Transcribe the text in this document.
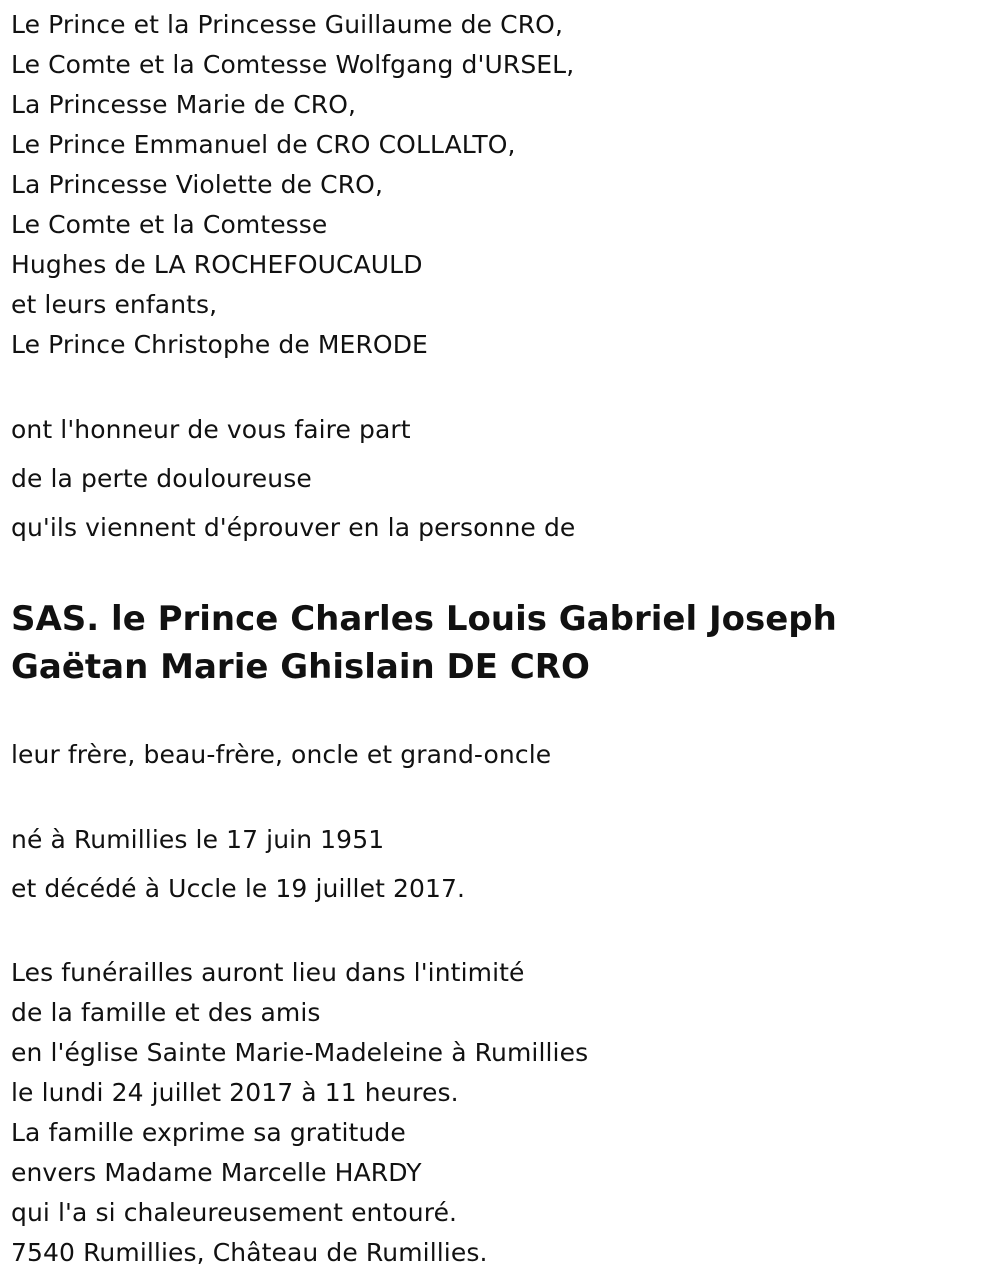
Le Prince et la Princesse Guillaume de CRO,
Le Comte et la Comtesse Wolfgang d'URSEL,
La Princesse Marie de CRO,
Le Prince Emmanuel de CRO COLLALTO,
La Princesse Violette de CRO,
Le Comte et la Comtesse
Hughes de LA ROCHEFOUCAULD
et leurs enfants,
Le Prince Christophe de MERODE
ont l'honneur de vous faire part
de la perte douloureuse
qu'ils viennent d'éprouver en la personne de
SAS. le Prince Charles Louis Gabriel Joseph
Gaëtan Marie Ghislain DE CRO
leur frère, beau-frère, oncle et grand-oncle
né à Rumillies le 17 juin 1951
et décédé à Uccle le 19 juillet 2017.
Les funérailles auront lieu dans l'intimité
de la famille et des amis
en l'église Sainte Marie-Madeleine à Rumillies
le lundi 24 juillet 2017 à 11 heures.
La famille exprime sa gratitude
envers Madame Marcelle HARDY
qui l'a si chaleureusement entouré.
7540 Rumillies, Château de Rumillies.
